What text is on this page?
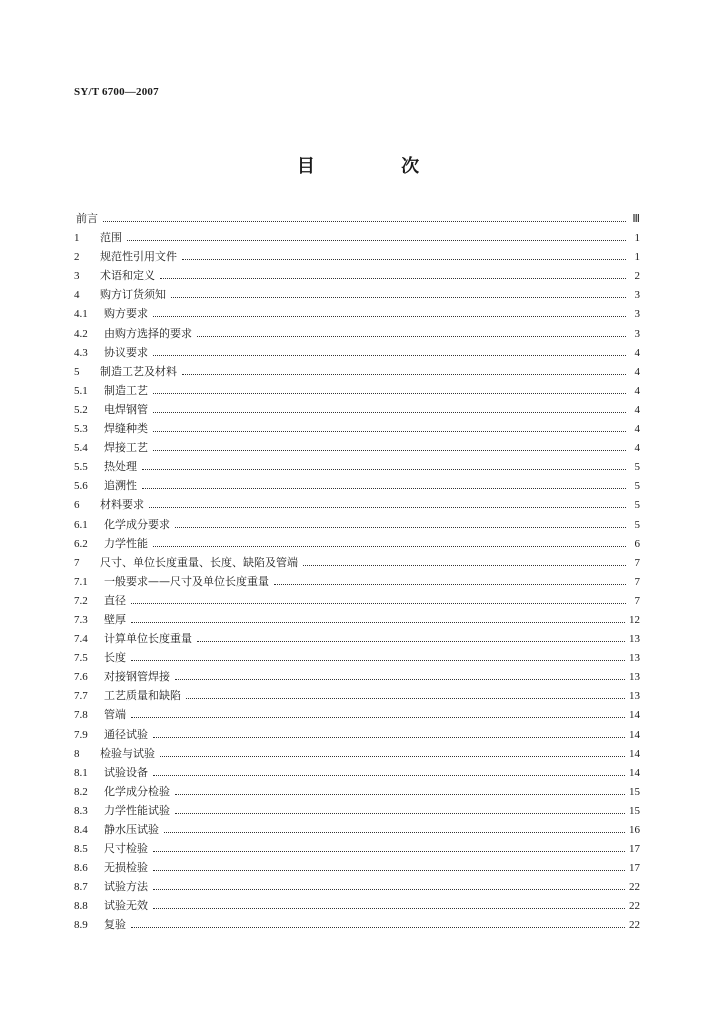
SY/T 6700—2007
目 次
前言	Ⅲ
1	范围	1
2	规范性引用文件	1
3	术语和定义	2
4	购方订货须知	3
4.1	购方要求	3
4.2	由购方选择的要求	3
4.3	协议要求	4
5	制造工艺及材料	4
5.1	制造工艺	4
5.2	电焊钢管	4
5.3	焊缝种类	4
5.4	焊接工艺	4
5.5	热处理	5
5.6	追溯性	5
6	材料要求	5
6.1	化学成分要求	5
6.2	力学性能	6
7	尺寸、单位长度重量、长度、缺陷及管端	7
7.1	一般要求——尺寸及单位长度重量	7
7.2	直径	7
7.3	壁厚	12
7.4	计算单位长度重量	13
7.5	长度	13
7.6	对接钢管焊接	13
7.7	工艺质量和缺陷	13
7.8	管端	14
7.9	通径试验	14
8	检验与试验	14
8.1	试验设备	14
8.2	化学成分检验	15
8.3	力学性能试验	15
8.4	静水压试验	16
8.5	尺寸检验	17
8.6	无损检验	17
8.7	试验方法	22
8.8	试验无效	22
8.9	复验	22
